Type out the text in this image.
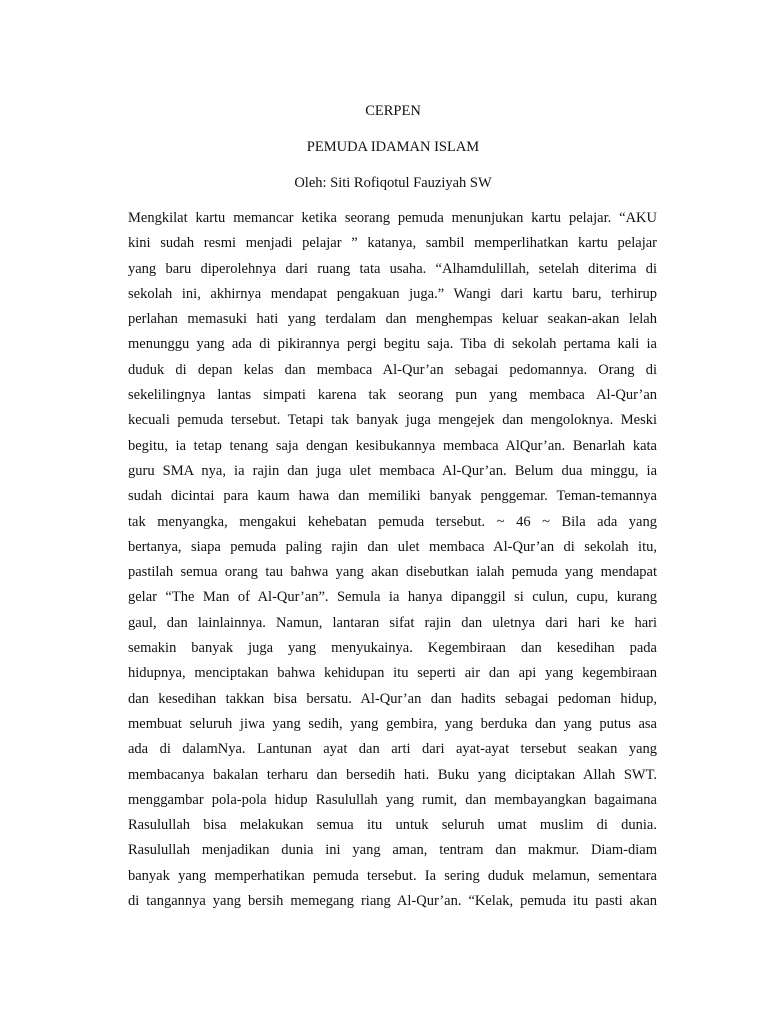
CERPEN

PEMUDA IDAMAN ISLAM

Oleh: Siti Rofiqotul Fauziyah SW

Mengkilat kartu memancar ketika seorang pemuda menunjukan kartu pelajar. “AKU
kini sudah resmi menjadi pelajar ” katanya, sambil memperlihatkan kartu pelajar
yang baru diperolehnya dari ruang tata usaha. “Alhamdulillah, setelah diterima di
sekolah ini, akhirnya mendapat pengakuan juga.” Wangi dari kartu baru, terhirup
perlahan memasuki hati yang terdalam dan menghempas keluar seakan-akan lelah
menunggu yang ada di pikirannya pergi begitu saja. Tiba di sekolah pertama kali ia
duduk di depan kelas dan membaca Al-Qur’an sebagai pedomannya. Orang di
sekelilingnya lantas simpati karena tak seorang pun yang membaca Al-Qur’an
kecuali pemuda tersebut. Tetapi tak banyak juga mengejek dan mengoloknya. Meski
begitu, ia tetap tenang saja dengan kesibukannya membaca AlQur’an. Benarlah kata
guru SMA nya, ia rajin dan juga ulet membaca Al-Qur’an. Belum dua minggu, ia
sudah dicintai para kaum hawa dan memiliki banyak penggemar. Teman-temannya
tak menyangka, mengakui kehebatan pemuda tersebut. ~ 46 ~ Bila ada yang
bertanya, siapa pemuda paling rajin dan ulet membaca Al-Qur’an di sekolah itu,
pastilah semua orang tau bahwa yang akan disebutkan ialah pemuda yang mendapat
gelar “The Man of Al-Qur’an”. Semula ia hanya dipanggil si culun, cupu, kurang
gaul, dan lainlainnya. Namun, lantaran sifat rajin dan uletnya dari hari ke hari
semakin banyak juga yang menyukainya. Kegembiraan dan kesedihan pada
hidupnya, menciptakan bahwa kehidupan itu seperti air dan api yang kegembiraan
dan kesedihan takkan bisa bersatu. Al-Qur’an dan hadits sebagai pedoman hidup,
membuat seluruh jiwa yang sedih, yang gembira, yang berduka dan yang putus asa
ada di dalamNya. Lantunan ayat dan arti dari ayat-ayat tersebut seakan yang
membacanya bakalan terharu dan bersedih hati. Buku yang diciptakan Allah SWT.
menggambar pola-pola hidup Rasulullah yang rumit, dan membayangkan bagaimana
Rasulullah bisa melakukan semua itu untuk seluruh umat muslim di dunia.
Rasulullah menjadikan dunia ini yang aman, tentram dan makmur. Diam-diam
banyak yang memperhatikan pemuda tersebut. Ia sering duduk melamun, sementara
di tangannya yang bersih memegang riang Al-Qur’an. “Kelak, pemuda itu pasti akan
